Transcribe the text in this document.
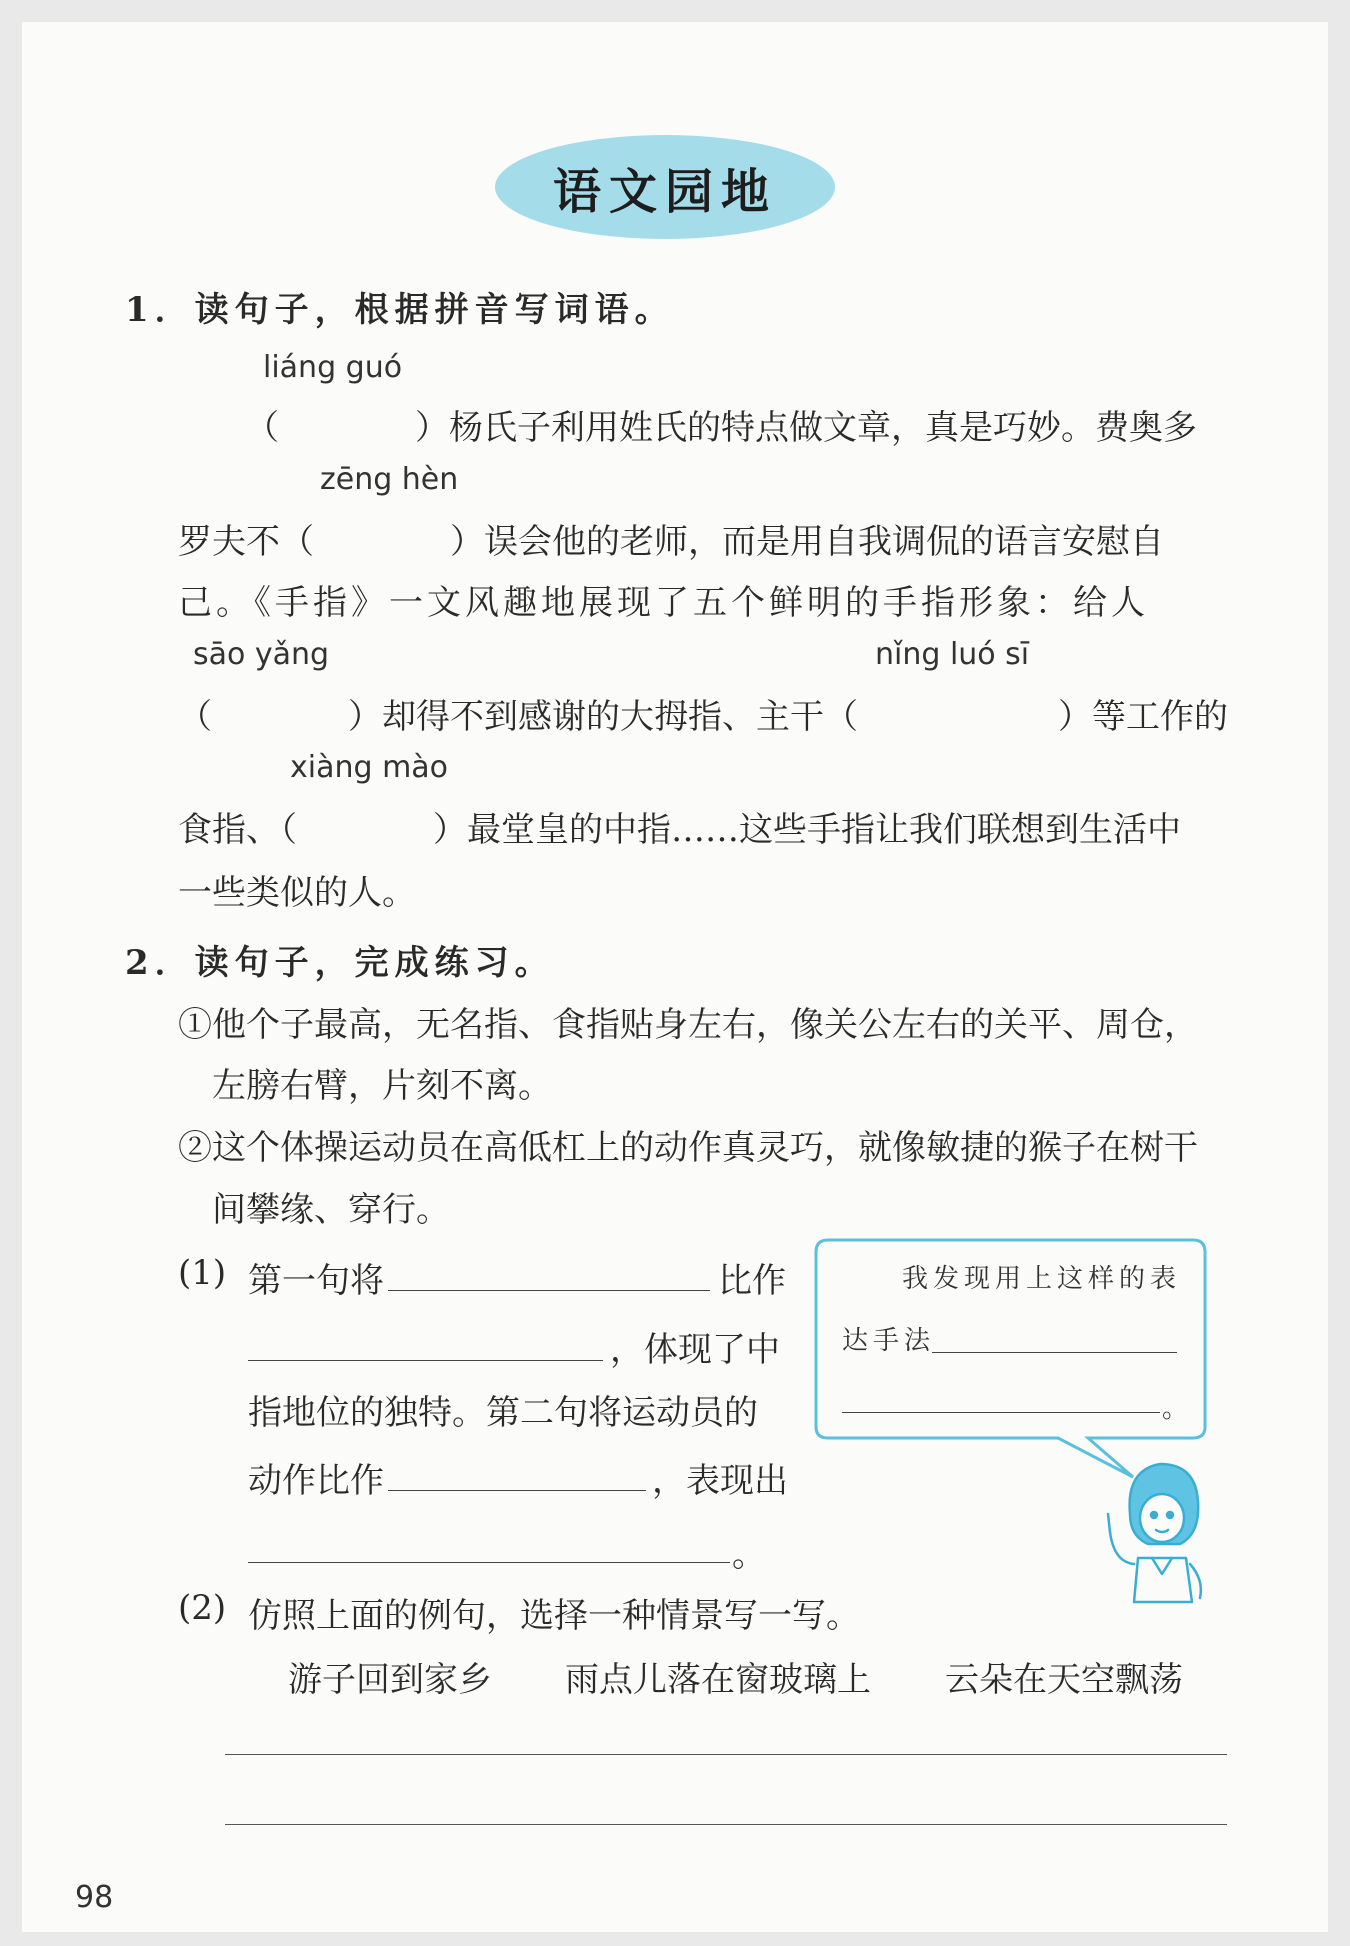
语文园地
1．读句子，根据拼音写词语。
liáng guó
（　　　　）杨氏子利用姓氏的特点做文章，真是巧妙。费奥多
zēng hèn
罗夫不（　　　　）误会他的老师，而是用自我调侃的语言安慰自
己。《手指》一文风趣地展现了五个鲜明的手指形象：给人
sāo yǎng	nǐng luó sī
（　　　　）却得不到感谢的大拇指、主干（	）等工作的
xiàng mào
食指、（　　　　）最堂皇的中指……这些手指让我们联想到生活中
一些类似的人。
2．读句子，完成练习。
①他个子最高，无名指、食指贴身左右，像关公左右的关平、周仓，
左膀右臂，片刻不离。
②这个体操运动员在高低杠上的动作真灵巧，就像敏捷的猴子在树干
间攀缘、穿行。
(1) 第一句将	比作
，体现了中
指地位的独特。第二句将运动员的
动作比作	，表现出
。
我发现用上这样的表
达手法
。
(2) 仿照上面的例句，选择一种情景写一写。
游子回到家乡 雨点儿落在窗玻璃上 云朵在天空飘荡
98
